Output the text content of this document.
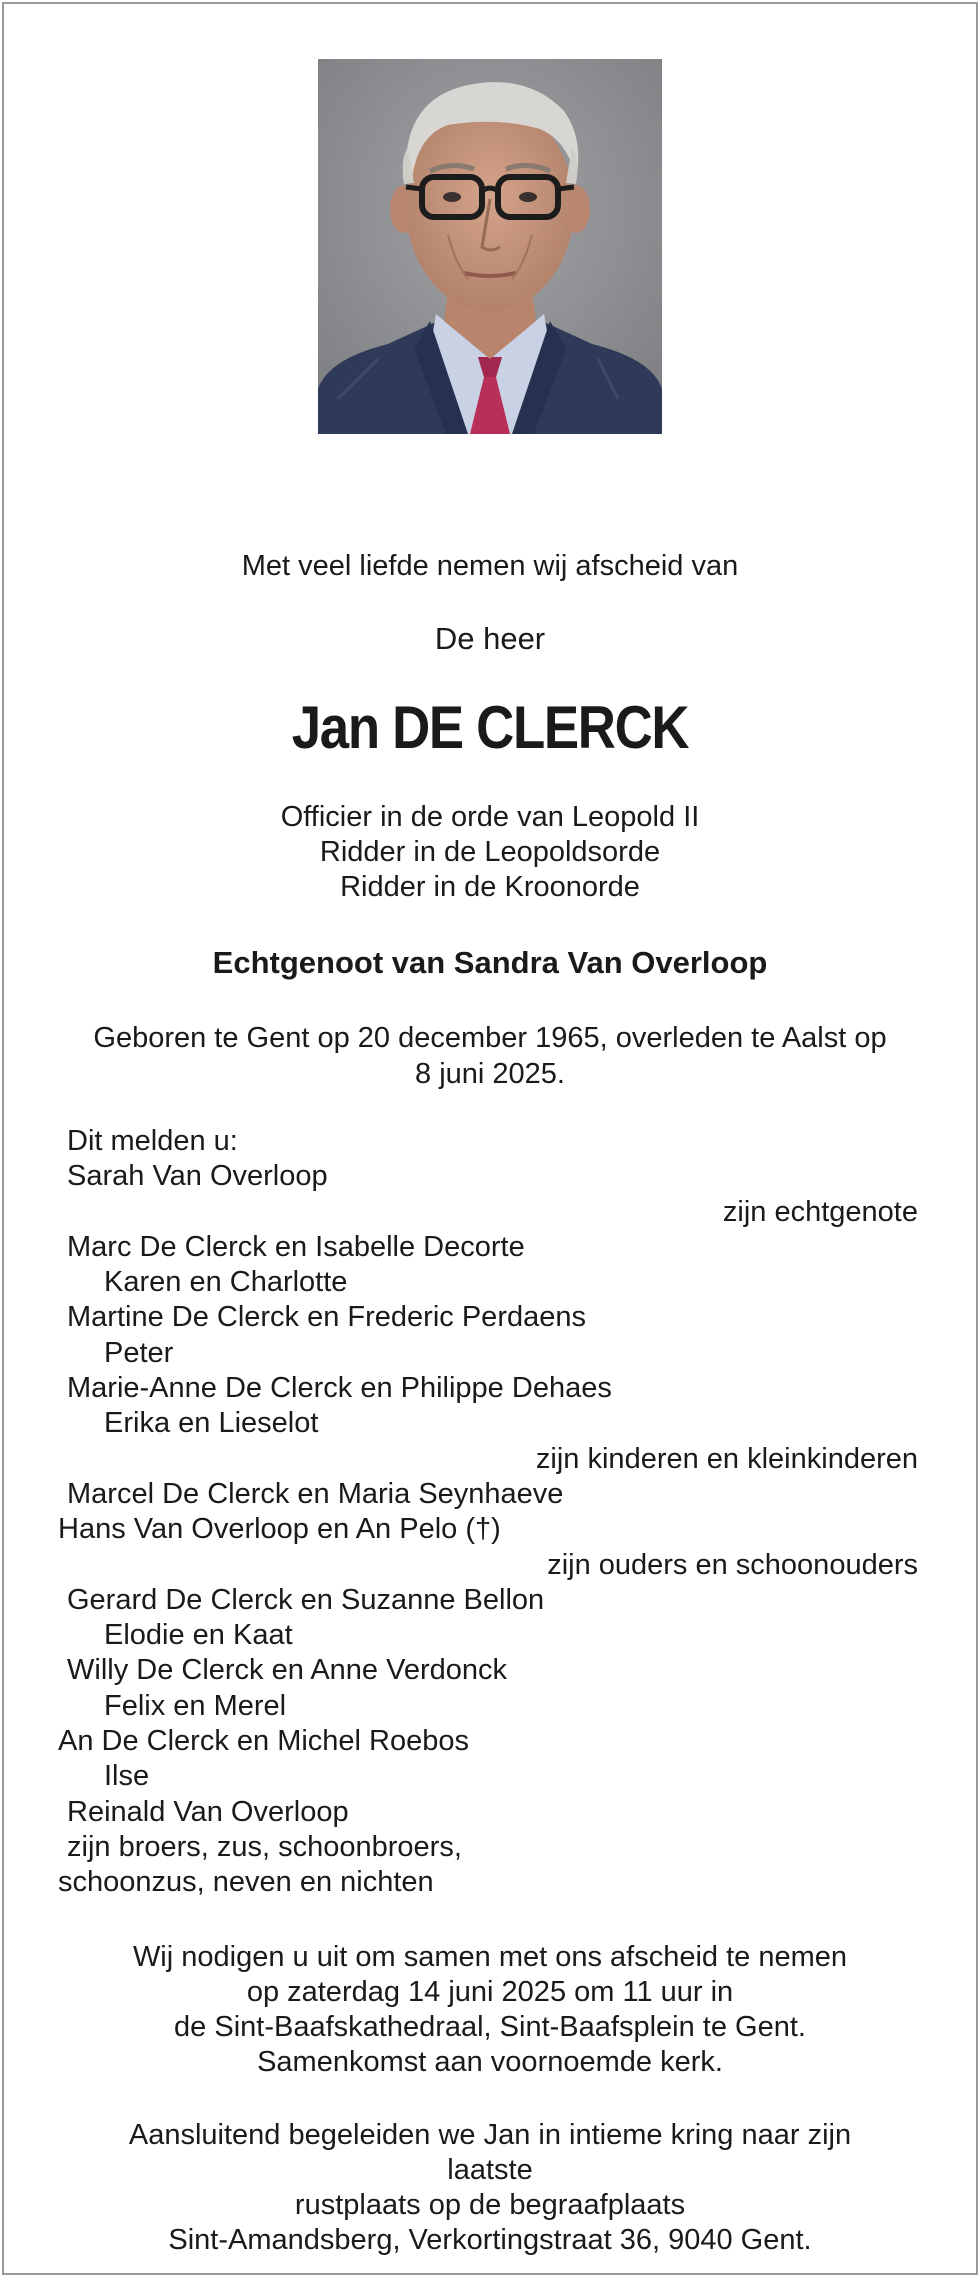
Met veel liefde nemen wij afscheid van
De heer
Jan DE CLERCK
Officier in de orde van Leopold II
Ridder in de Leopoldsorde
Ridder in de Kroonorde
Echtgenoot van Sandra Van Overloop
Geboren te Gent op 20 december 1965, overleden te Aalst op
8 juni 2025.
Dit melden u:
Sarah Van Overloop
zijn echtgenote
Marc De Clerck en Isabelle Decorte
Karen en Charlotte
Martine De Clerck en Frederic Perdaens
Peter
Marie-Anne De Clerck en Philippe Dehaes
Erika en Lieselot
zijn kinderen en kleinkinderen
Marcel De Clerck en Maria Seynhaeve
Hans Van Overloop en An Pelo (†)
zijn ouders en schoonouders
Gerard De Clerck en Suzanne Bellon
Elodie en Kaat
Willy De Clerck en Anne Verdonck
Felix en Merel
An De Clerck en Michel Roebos
Ilse
Reinald Van Overloop
zijn broers, zus, schoonbroers,
schoonzus, neven en nichten
Wij nodigen u uit om samen met ons afscheid te nemen
op zaterdag 14 juni 2025 om 11 uur in
de Sint-Baafskathedraal, Sint-Baafsplein te Gent.
Samenkomst aan voornoemde kerk.
Aansluitend begeleiden we Jan in intieme kring naar zijn
laatste
rustplaats op de begraafplaats
Sint-Amandsberg, Verkortingstraat 36, 9040 Gent.
